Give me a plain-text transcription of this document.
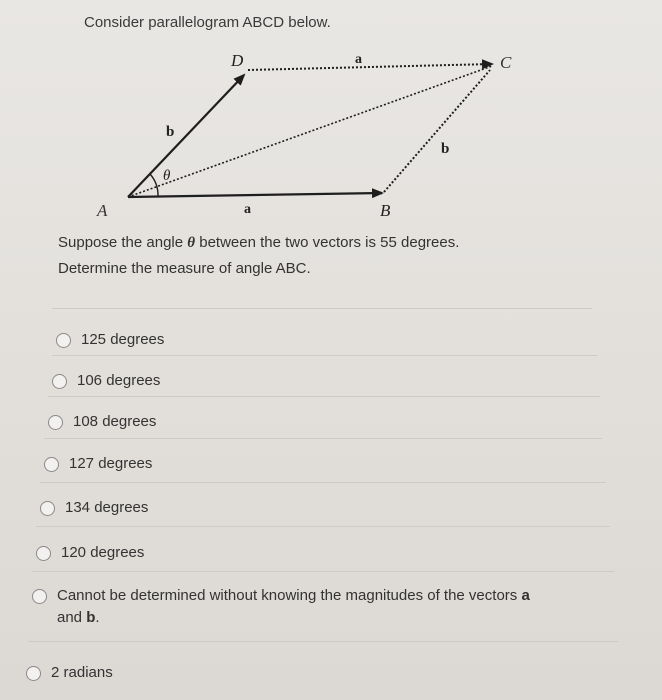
Consider parallelogram ABCD below.
A	B
C
D
a
a
b
b
θ
Suppose the angle θ between the two vectors is 55 degrees.
Determine the measure of angle ABC.
125 degrees
106 degrees
108 degrees
127 degrees
134 degrees
120 degrees
Cannot be determined without knowing the magnitudes of the vectors a
and b.
2 radians
